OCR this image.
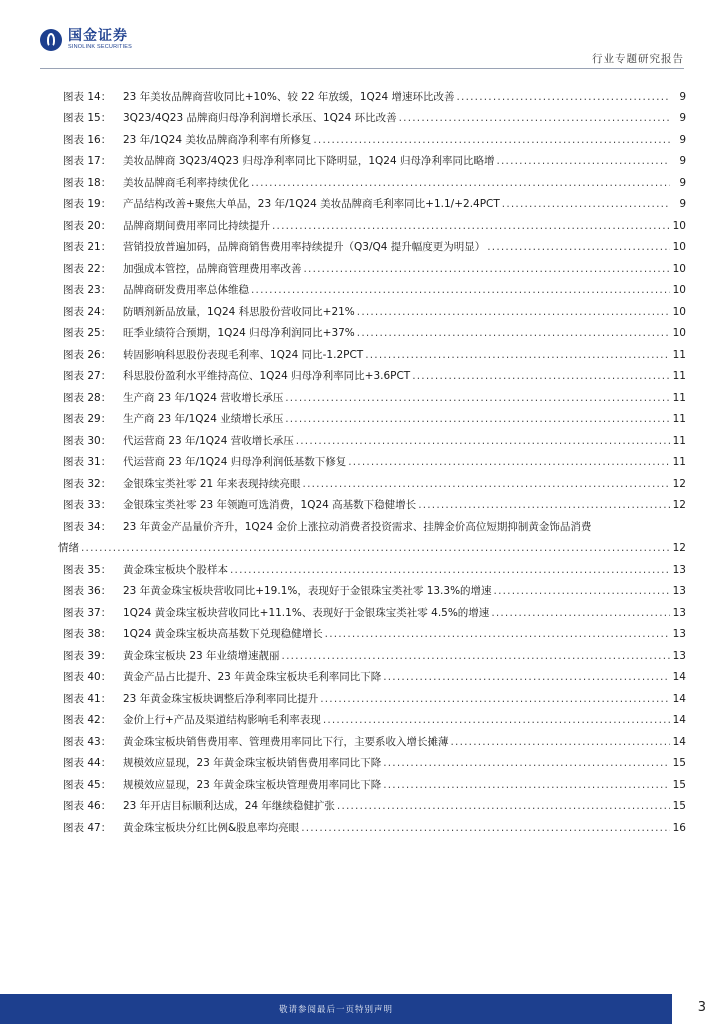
国金证券
SINOLINK SECURITIES
行业专题研究报告
图表 14：	23 年美妆品牌商营收同比+10%、较 22 年放缓，1Q24 增速环比改善 .....	9
图表 15：	3Q23/4Q23 品牌商归母净利润增长承压、1Q24 环比改善 .....	9
图表 16：	23 年/1Q24 美妆品牌商净利率有所修复 .....	9
图表 17：	美妆品牌商 3Q23/4Q23 归母净利率同比下降明显，1Q24 归母净利率同比略增 .....	9
图表 18：	美妆品牌商毛利率持续优化 .....	9
图表 19：	产品结构改善+聚焦大单品，23 年/1Q24 美妆品牌商毛利率同比+1.1/+2.4PCT .....	9
图表 20：	品牌商期间费用率同比持续提升 .....	10
图表 21：	营销投放普遍加码，品牌商销售费用率持续提升（Q3/Q4 提升幅度更为明显） .....	10
图表 22：	加强成本管控，品牌商管理费用率改善 .....	10
图表 23：	品牌商研发费用率总体维稳 .....	10
图表 24：	防晒剂新品放量，1Q24 科思股份营收同比+21% .....	10
图表 25：	旺季业绩符合预期，1Q24 归母净利润同比+37% .....	10
图表 26：	转固影响科思股份表现毛利率、1Q24 同比-1.2PCT .....	11
图表 27：	科思股份盈利水平维持高位、1Q24 归母净利率同比+3.6PCT .....	11
图表 28：	生产商 23 年/1Q24 营收增长承压 .....	11
图表 29：	生产商 23 年/1Q24 业绩增长承压 .....	11
图表 30：	代运营商 23 年/1Q24 营收增长承压 .....	11
图表 31：	代运营商 23 年/1Q24 归母净利润低基数下修复 .....	11
图表 32：	金银珠宝类社零 21 年来表现持续亮眼 .....	12
图表 33：	金银珠宝类社零 23 年领跑可选消费，1Q24 高基数下稳健增长 .....	12
图表 34：	23 年黄金产品量价齐升，1Q24 金价上涨拉动消费者投资需求、挂牌金价高位短期抑制黄金饰品消费
情绪 .....	12
图表 35：	黄金珠宝板块个股样本 .....	13
图表 36：	23 年黄金珠宝板块营收同比+19.1%，表现好于金银珠宝类社零 13.3%的增速 .....	13
图表 37：	1Q24 黄金珠宝板块营收同比+11.1%、表现好于金银珠宝类社零 4.5%的增速 .....	13
图表 38：	1Q24 黄金珠宝板块高基数下兑现稳健增长 .....	13
图表 39：	黄金珠宝板块 23 年业绩增速靓丽 .....	13
图表 40：	黄金产品占比提升、23 年黄金珠宝板块毛利率同比下降 .....	14
图表 41：	23 年黄金珠宝板块调整后净利率同比提升 .....	14
图表 42：	金价上行+产品及渠道结构影响毛利率表现 .....	14
图表 43：	黄金珠宝板块销售费用率、管理费用率同比下行，主要系收入增长摊薄 .....	14
图表 44：	规模效应显现，23 年黄金珠宝板块销售费用率同比下降 .....	15
图表 45：	规模效应显现，23 年黄金珠宝板块管理费用率同比下降 .....	15
图表 46：	23 年开店目标顺利达成，24 年继续稳健扩张 .....	15
图表 47：	黄金珠宝板块分红比例&股息率均亮眼 .....	16
敬请参阅最后一页特别声明	3
